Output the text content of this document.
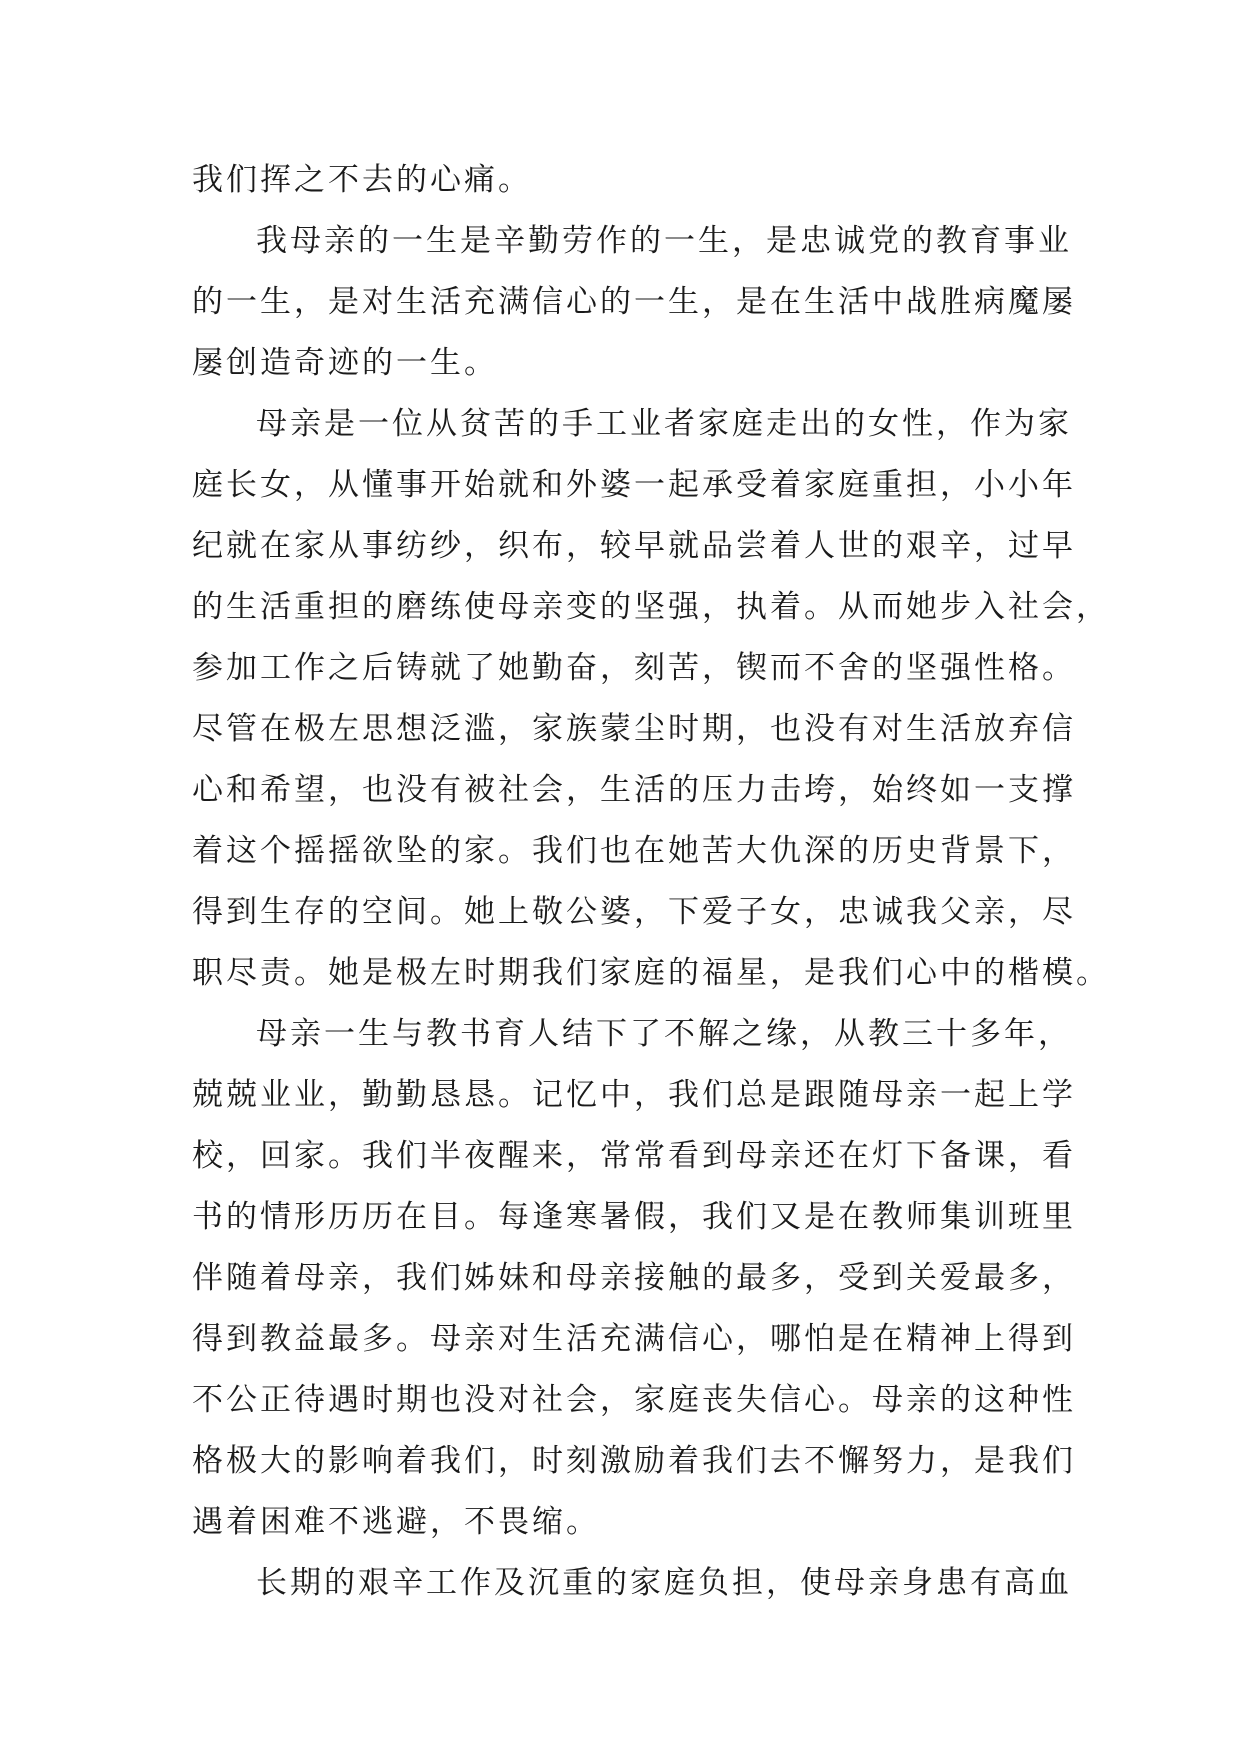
我们挥之不去的心痛。
我母亲的一生是辛勤劳作的一生，是忠诚党的教育事业
的一生，是对生活充满信心的一生，是在生活中战胜病魔屡
屡创造奇迹的一生。
母亲是一位从贫苦的手工业者家庭走出的女性，作为家
庭长女，从懂事开始就和外婆一起承受着家庭重担，小小年
纪就在家从事纺纱，织布，较早就品尝着人世的艰辛，过早
的生活重担的磨练使母亲变的坚强，执着。从而她步入社会，
参加工作之后铸就了她勤奋，刻苦，锲而不舍的坚强性格。
尽管在极左思想泛滥，家族蒙尘时期，也没有对生活放弃信
心和希望，也没有被社会，生活的压力击垮，始终如一支撑
着这个摇摇欲坠的家。我们也在她苦大仇深的历史背景下，
得到生存的空间。她上敬公婆，下爱子女，忠诚我父亲，尽
职尽责。她是极左时期我们家庭的福星，是我们心中的楷模。
母亲一生与教书育人结下了不解之缘，从教三十多年，
兢兢业业，勤勤恳恳。记忆中，我们总是跟随母亲一起上学
校，回家。我们半夜醒来，常常看到母亲还在灯下备课，看
书的情形历历在目。每逢寒暑假，我们又是在教师集训班里
伴随着母亲，我们姊妹和母亲接触的最多，受到关爱最多，
得到教益最多。母亲对生活充满信心，哪怕是在精神上得到
不公正待遇时期也没对社会，家庭丧失信心。母亲的这种性
格极大的影响着我们，时刻激励着我们去不懈努力，是我们
遇着困难不逃避，不畏缩。
长期的艰辛工作及沉重的家庭负担，使母亲身患有高血
